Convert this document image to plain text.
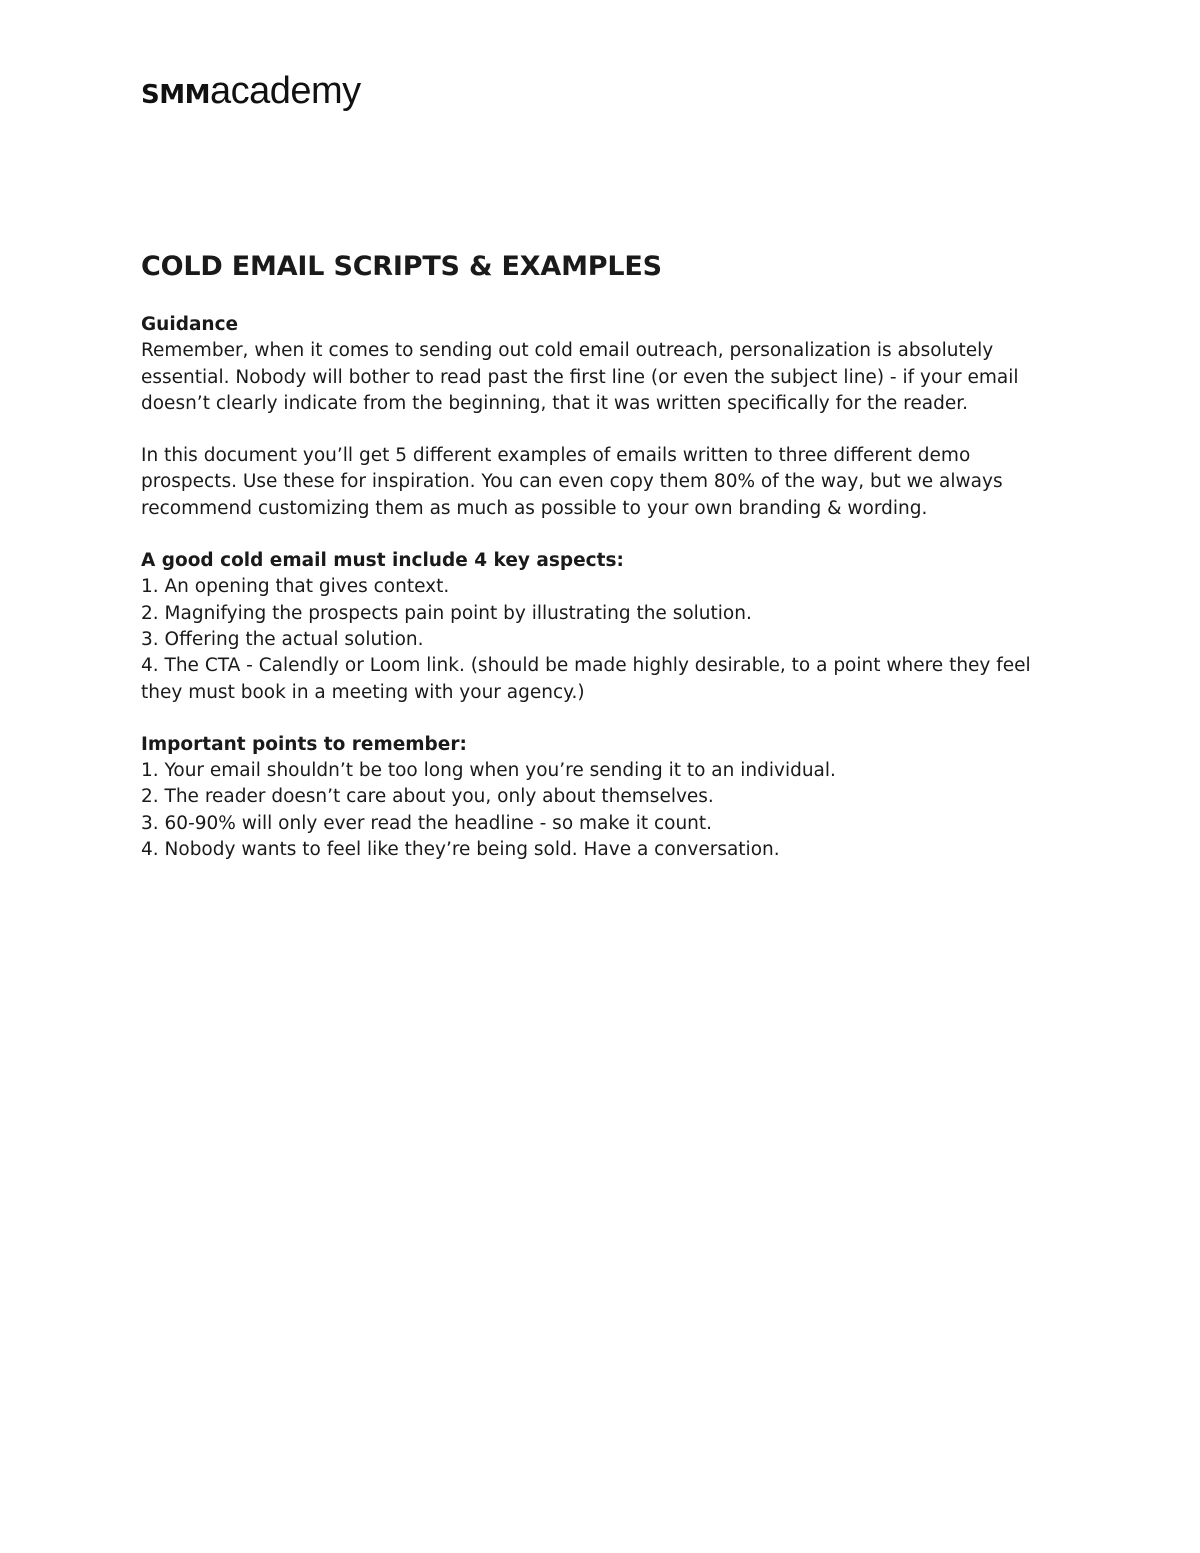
SMM academy
COLD EMAIL SCRIPTS & EXAMPLES

Guidance

Remember, when it comes to sending out cold email outreach, personalization is absolutely essential. Nobody will bother to read past the first line (or even the subject line) - if your email doesn’t clearly indicate from the beginning, that it was written specifically for the reader.

In this document you’ll get 5 different examples of emails written to three different demo prospects. Use these for inspiration. You can even copy them 80% of the way, but we always recommend customizing them as much as possible to your own branding & wording.

A good cold email must include 4 key aspects:

1. An opening that gives context.
2. Magnifying the prospects pain point by illustrating the solution.
3. Offering the actual solution.
4. The CTA - Calendly or Loom link. (should be made highly desirable, to a point where they feel they must book in a meeting with your agency.)

Important points to remember:

1. Your email shouldn’t be too long when you’re sending it to an individual.
2. The reader doesn’t care about you, only about themselves.
3. 60-90% will only ever read the headline - so make it count.
4. Nobody wants to feel like they’re being sold. Have a conversation.
